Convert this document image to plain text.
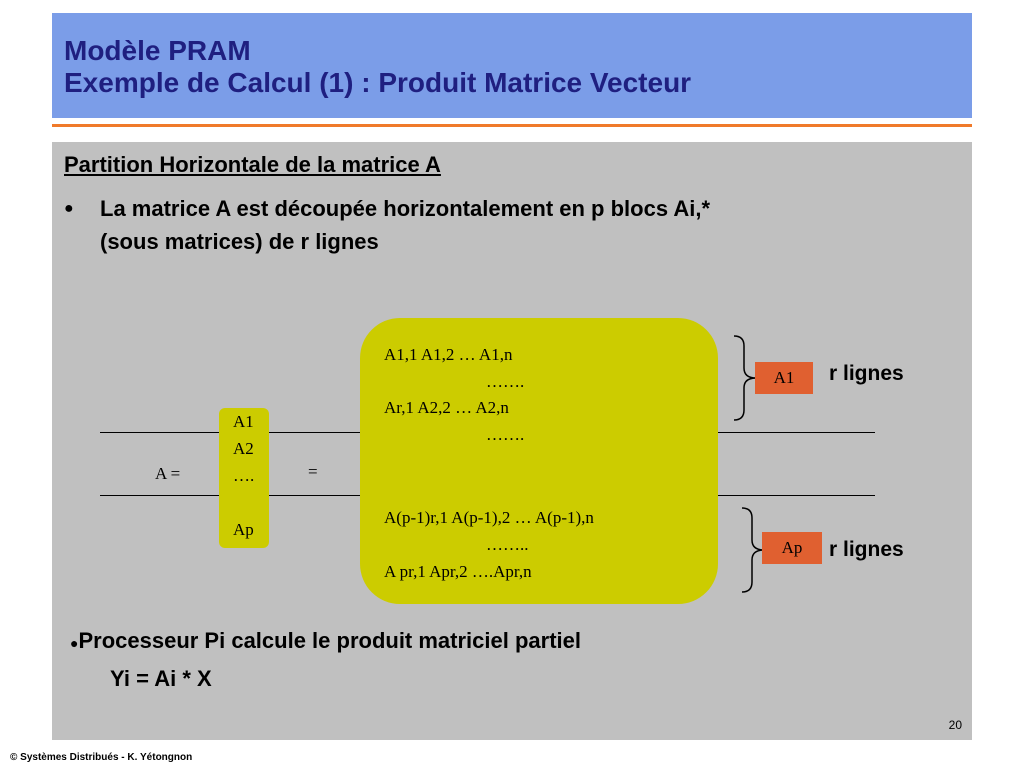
Modèle PRAM
Exemple de Calcul (1) : Produit Matrice Vecteur
Partition Horizontale de la matrice A
● La matrice A est découpée horizontalement en p blocs Ai,*
(sous matrices) de r lignes
A1,1 A1,2 … A1,n
…….
Ar,1 A2,2 … A2,n
…….
A(p-1)r,1 A(p-1),2 … A(p-1),n
……..
A pr,1 Apr,2 ….Apr,n
A =	=
A1
A2
….
Ap
A1
Ap
r lignes
r lignes
●Processeur Pi calcule le produit matriciel partiel
Yi = Ai * X
20
© Systèmes Distribués - K. Yétongnon
